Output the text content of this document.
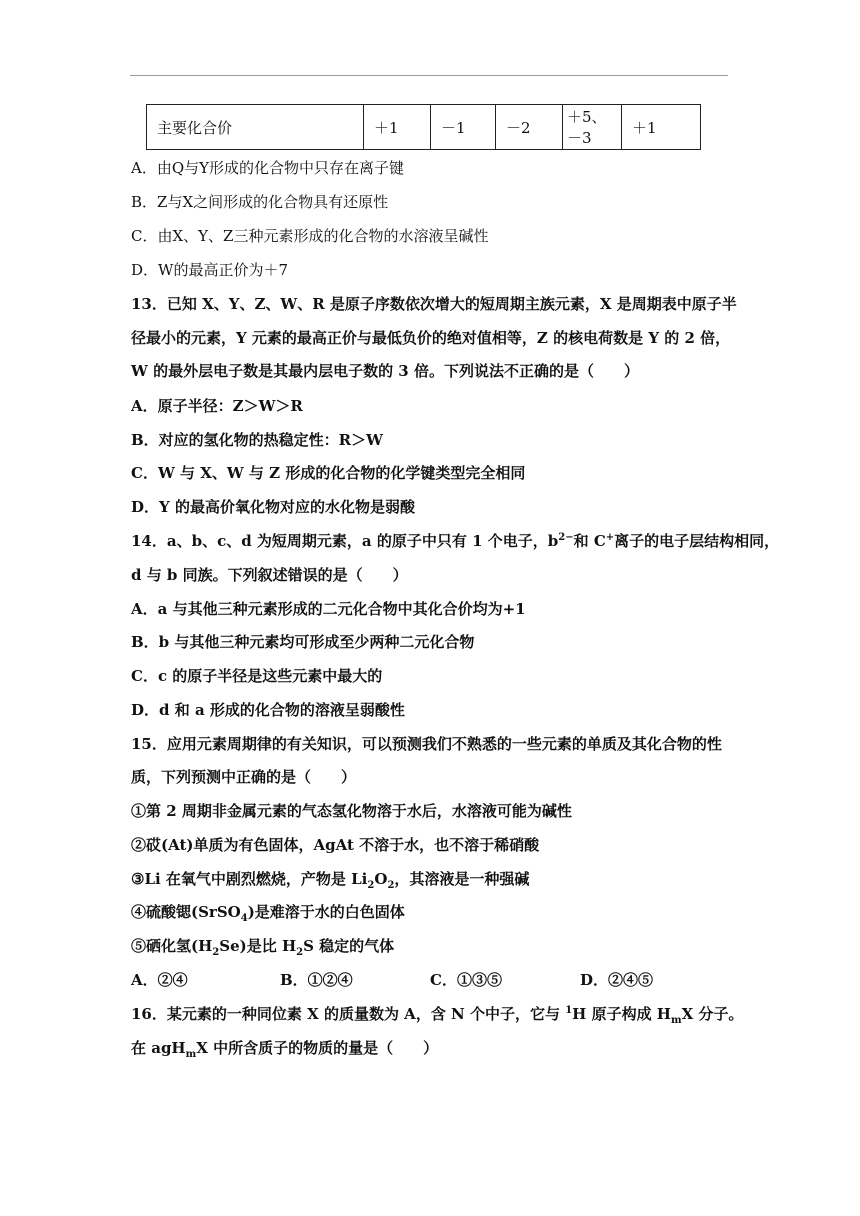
主要化合价	＋1	－1	－2	＋5、－3	＋1
A．由Q与Y形成的化合物中只存在离子键
B．Z与X之间形成的化合物具有还原性
C．由X、Y、Z三种元素形成的化合物的水溶液呈碱性
D．W的最高正价为＋7
13．已知 X、Y、Z、W、R 是原子序数依次增大的短周期主族元素，X 是周期表中原子半
径最小的元素，Y 元素的最高正价与最低负价的绝对值相等，Z 的核电荷数是 Y 的 2 倍，
W 的最外层电子数是其最内层电子数的 3 倍。下列说法不正确的是（　　）
A．原子半径：Z＞W＞R
B．对应的氢化物的热稳定性：R＞W
C．W 与 X、W 与 Z 形成的化合物的化学键类型完全相同
D．Y 的最高价氧化物对应的水化物是弱酸
14．a、b、c、d 为短周期元素，a 的原子中只有 1 个电子，$b^{2-}$和 C+离子的电子层结构相同，
d 与 b 同族。下列叙述错误的是（　　）
A．a 与其他三种元素形成的二元化合物中其化合价均为+1
B．b 与其他三种元素均可形成至少两种二元化合物
C．c 的原子半径是这些元素中最大的
D．d 和 a 形成的化合物的溶液呈弱酸性
15．应用元素周期律的有关知识，可以预测我们不熟悉的一些元素的单质及其化合物的性
质，下列预测中正确的是（　　）
①第 2 周期非金属元素的气态氢化物溶于水后，水溶液可能为碱性
②砹(At)单质为有色固体，AgAt 不溶于水，也不溶于稀硝酸
③Li 在氧气中剧烈燃烧，产物是 $Li_2O_2$，其溶液是一种强碱
④硫酸锶(SrSO$_4$)是难溶于水的白色固体
⑤硒化氢$(H_2Se)$是比 $H_2S$ 稳定的气体
A．②④	B．①②④	C．①③⑤	D．②④⑤
16．某元素的一种同位素 X 的质量数为 A，含 N 个中子，它与 $^1$H 原子构成 $H_mX$ 分子。
在 agH$_m$X 中所含质子的物质的量是（　　）
